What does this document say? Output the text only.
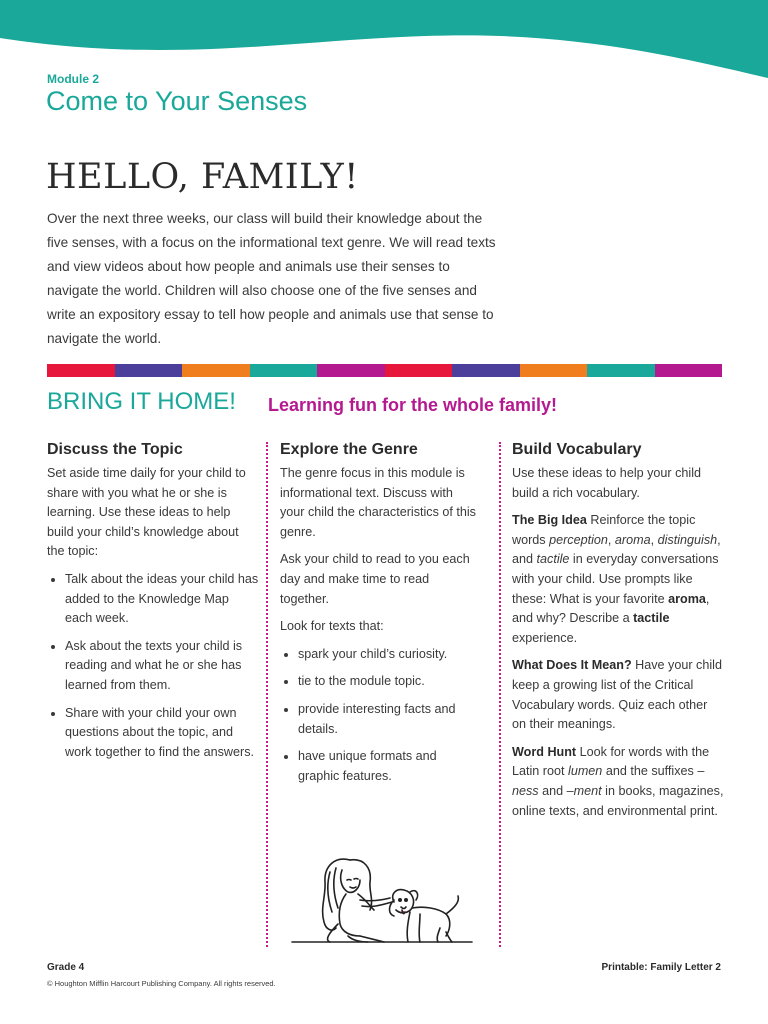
Module 2
Come to Your Senses
HELLO, FAMILY!
Over the next three weeks, our class will build their knowledge about the five senses, with a focus on the informational text genre. We will read texts and view videos about how people and animals use their senses to navigate the world. Children will also choose one of the five senses and write an expository essay to tell how people and animals use that sense to navigate the world.
BRING IT HOME! Learning fun for the whole family!
Discuss the Topic

Set aside time daily for your child to share with you what he or she is learning. Use these ideas to help build your child’s knowledge about the topic:

• Talk about the ideas your child has added to the Knowledge Map each week.
• Ask about the texts your child is reading and what he or she has learned from them.
• Share with your child your own questions about the topic, and work together to find the answers.
Explore the Genre

The genre focus in this module is informational text. Discuss with your child the characteristics of this genre.

Ask your child to read to you each day and make time to read together.

Look for texts that:

• spark your child’s curiosity.
• tie to the module topic.
• provide interesting facts and details.
• have unique formats and graphic features.
Build Vocabulary

Use these ideas to help your child build a rich vocabulary.

The Big Idea Reinforce the topic words perception, aroma, distinguish, and tactile in everyday conversations with your child. Use prompts like these: What is your favorite aroma, and why? Describe a tactile experience.

What Does It Mean? Have your child keep a growing list of the Critical Vocabulary words. Quiz each other on their meanings.

Word Hunt Look for words with the Latin root lumen and the suffixes –ness and –ment in books, magazines, online texts, and environmental print.

Grade 4
© Houghton Mifflin Harcourt Publishing Company. All rights reserved.
Printable: Family Letter 2
